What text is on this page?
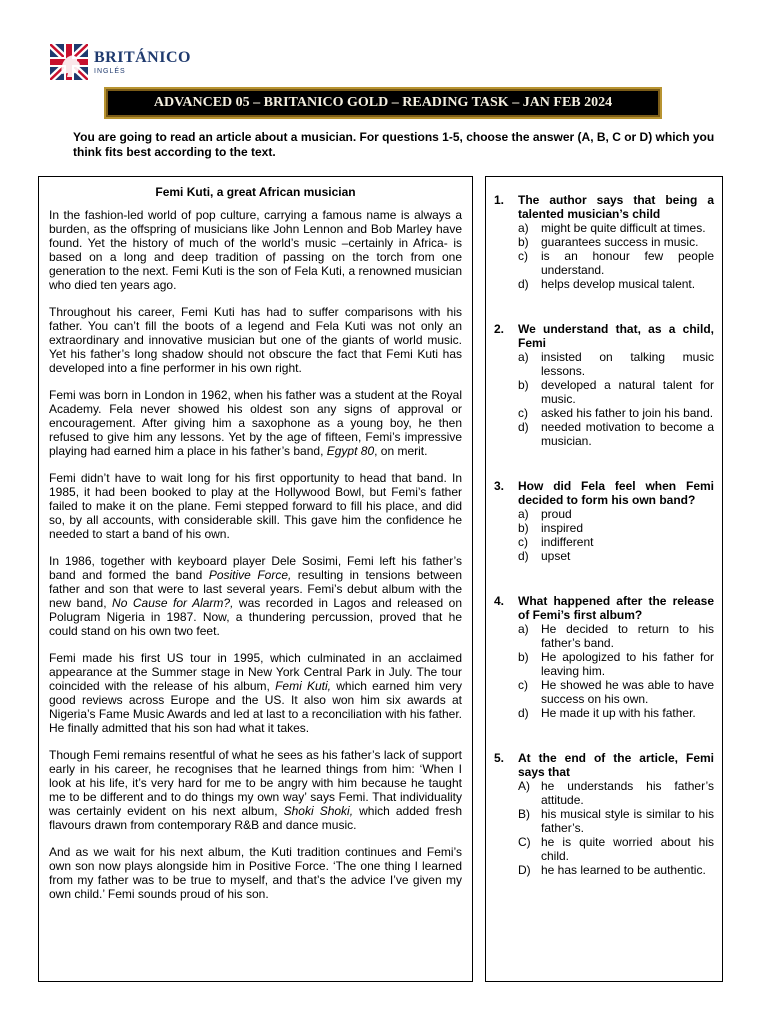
BRITÁNICO
INGLÉS
ADVANCED 05 – BRITANICO GOLD – READING TASK – JAN FEB 2024
You are going to read an article about a musician. For questions 1-5, choose the answer (A, B, C or D) which you think fits best according to the text.
Femi Kuti, a great African musician

In the fashion-led world of pop culture, carrying a famous name is always a burden, as the offspring of musicians like John Lennon and Bob Marley have found. Yet the history of much of the world’s music –certainly in Africa- is based on a long and deep tradition of passing on the torch from one generation to the next. Femi Kuti is the son of Fela Kuti, a renowned musician who died ten years ago.

Throughout his career, Femi Kuti has had to suffer comparisons with his father. You can’t fill the boots of a legend and Fela Kuti was not only an extraordinary and innovative musician but one of the giants of world music. Yet his father’s long shadow should not obscure the fact that Femi Kuti has developed into a fine performer in his own right.

Femi was born in London in 1962, when his father was a student at the Royal Academy. Fela never showed his oldest son any signs of approval or encouragement. After giving him a saxophone as a young boy, he then refused to give him any lessons. Yet by the age of fifteen, Femi’s impressive playing had earned him a place in his father’s band, Egypt 80, on merit.

Femi didn’t have to wait long for his first opportunity to head that band. In 1985, it had been booked to play at the Hollywood Bowl, but Femi’s father failed to make it on the plane. Femi stepped forward to fill his place, and did so, by all accounts, with considerable skill. This gave him the confidence he needed to start a band of his own.

In 1986, together with keyboard player Dele Sosimi, Femi left his father’s band and formed the band Positive Force, resulting in tensions between father and son that were to last several years. Femi’s debut album with the new band, No Cause for Alarm?, was recorded in Lagos and released on Polugram Nigeria in 1987. Now, a thundering percussion, proved that he could stand on his own two feet.

Femi made his first US tour in 1995, which culminated in an acclaimed appearance at the Summer stage in New York Central Park in July. The tour coincided with the release of his album, Femi Kuti, which earned him very good reviews across Europe and the US. It also won him six awards at Nigeria’s Fame Music Awards and led at last to a reconciliation with his father. He finally admitted that his son had what it takes.

Though Femi remains resentful of what he sees as his father’s lack of support early in his career, he recognises that he learned things from him: ‘When I look at his life, it’s very hard for me to be angry with him because he taught me to be different and to do things my own way’ says Femi. That individuality was certainly evident on his next album, Shoki Shoki, which added fresh flavours drawn from contemporary R&B and dance music.

And as we wait for his next album, the Kuti tradition continues and Femi’s own son now plays alongside him in Positive Force. ‘The one thing I learned from my father was to be true to myself, and that’s the advice I’ve given my own child.’ Femi sounds proud of his son.

1.	The author says that being a talented musician’s child
a)	might be quite difficult at times.
b)	guarantees success in music.
c)	is an honour few people understand.
d)	helps develop musical talent.
2.	We understand that, as a child, Femi
a)	insisted on talking music lessons.
b)	developed a natural talent for music.
c)	asked his father to join his band.
d)	needed motivation to become a musician.
3.	How did Fela feel when Femi decided to form his own band?
a)	proud
b)	inspired
c)	indifferent
d)	upset
4.	What happened after the release of Femi’s first album?
a)	He decided to return to his father’s band.
b)	He apologized to his father for leaving him.
c)	He showed he was able to have success on his own.
d)	He made it up with his father.
5.	At the end of the article, Femi says that
A) he understands his father’s attitude.
B) his musical style is similar to his father’s.
C) he is quite worried about his child.
D) he has learned to be authentic.
